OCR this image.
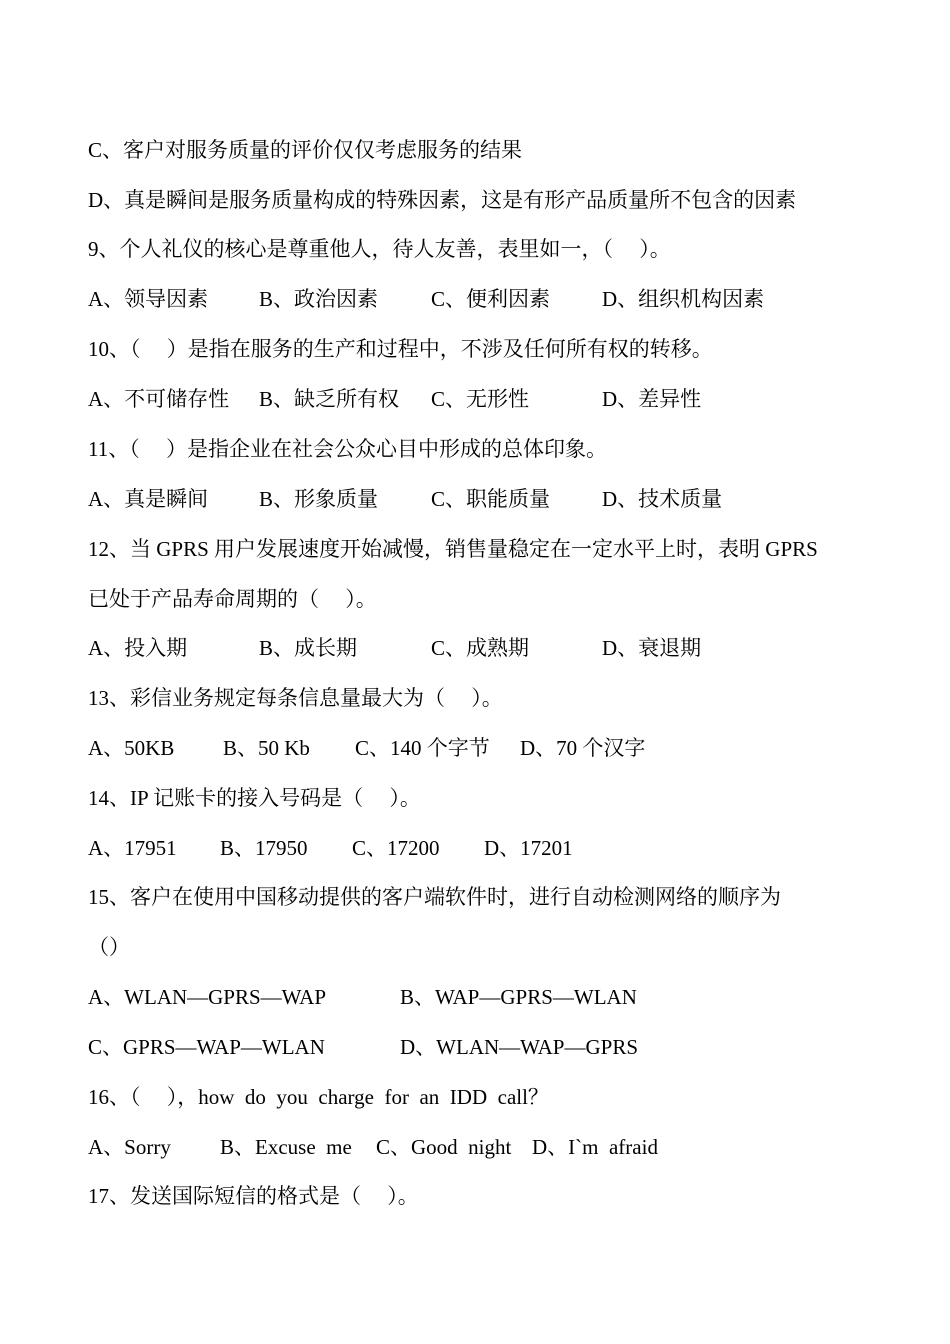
C、客户对服务质量的评价仅仅考虑服务的结果

D、真是瞬间是服务质量构成的特殊因素，这是有形产品质量所不包含的因素

9、个人礼仪的核心是尊重他人，待人友善，表里如一，（     ）。

A、领导因素

B、政治因素

	C、便利因素

D、组织机构因素

10、（     ）是指在服务的生产和过程中，不涉及任何所有权的转移。

A、不可储存性

B、缺乏所有权

C、无形性

	D、差异性

11、（     ）是指企业在社会公众心目中形成的总体印象。

A、真是瞬间

B、形象质量

	C、职能质量

D、技术质量

12、当 GPRS 用户发展速度开始减慢，销售量稳定在一定水平上时，表明 GPRS

已处于产品寿命周期的（     ）。

A、投入期

	B、成长期

	C、成熟期

	D、衰退期

13、彩信业务规定每条信息量最大为（     ）。

A、50KB

B、50 Kb

C、140 个字节

D、70 个汉字

14、IP 记账卡的接入号码是（     ）。

A、17951

B、17950

C、17200

D、17201

15、客户在使用中国移动提供的客户端软件时，进行自动检测网络的顺序为

（）

A、WLAN—GPRS—WAP

	B、WAP—GPRS—WLAN

C、GPRS—WAP—WLAN

	D、WLAN—WAP—GPRS

16、（     ），how  do  you  charge  for  an  IDD  call？

A、Sorry

B、Excuse  me

C、Good  night

D、I`m  afraid

17、发送国际短信的格式是（     ）。
